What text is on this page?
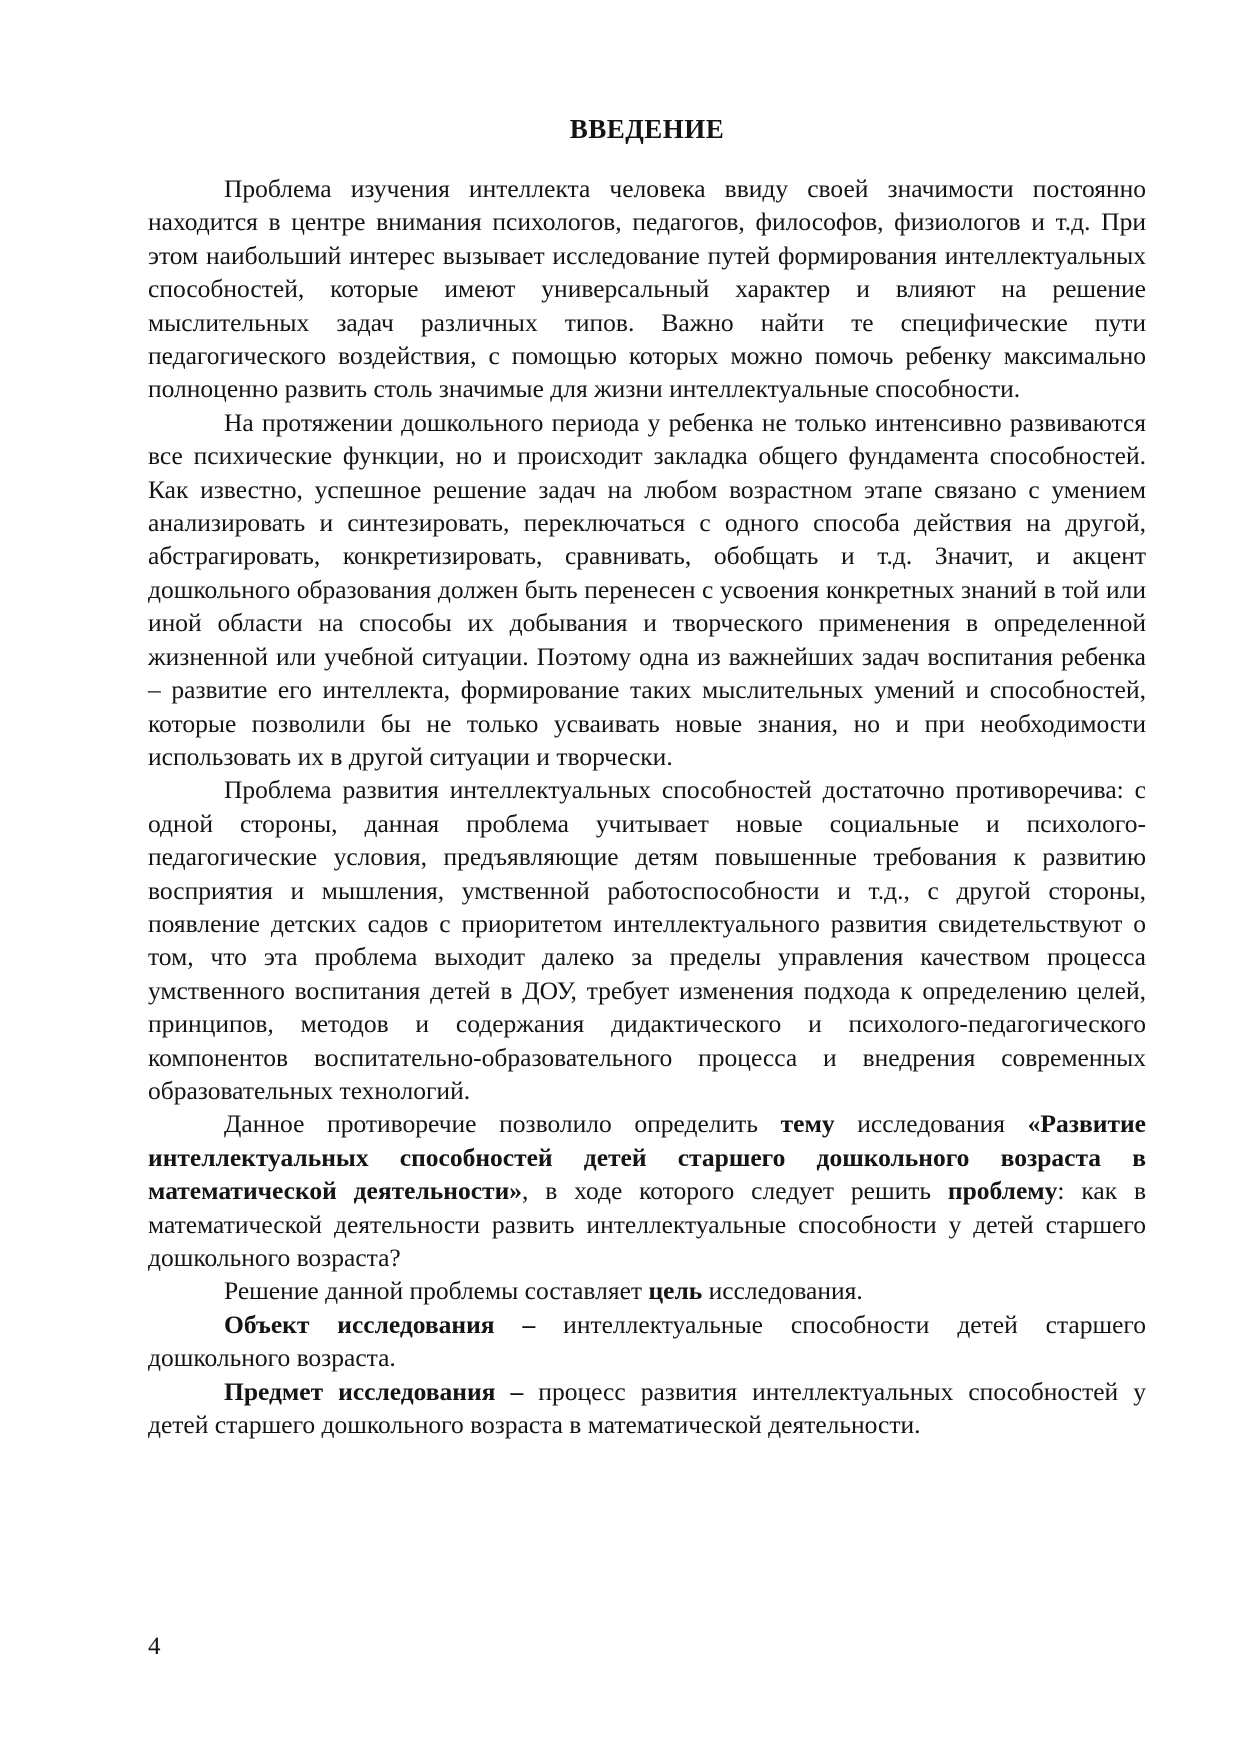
ВВЕДЕНИЕ

Проблема изучения интеллекта человека ввиду своей значимости постоянно находится в центре внимания психологов, педагогов, философов, физиологов и т.д. При этом наибольший интерес вызывает исследование путей формирования интеллектуальных способностей, которые имеют универсальный характер и влияют на решение мыслительных задач различных типов. Важно найти те специфические пути педагогического воздействия, с помощью которых можно помочь ребенку максимально полноценно развить столь значимые для жизни интеллектуальные способности.

На протяжении дошкольного периода у ребенка не только интенсивно развиваются все психические функции, но и происходит закладка общего фундамента способностей. Как известно, успешное решение задач на любом возрастном этапе связано с умением анализировать и синтезировать, переключаться с одного способа действия на другой, абстрагировать, конкретизировать, сравнивать, обобщать и т.д. Значит, и акцент дошкольного образования должен быть перенесен с усвоения конкретных знаний в той или иной области на способы их добывания и творческого применения в определенной жизненной или учебной ситуации. Поэтому одна из важнейших задач воспитания ребенка – развитие его интеллекта, формирование таких мыслительных умений и способностей, которые позволили бы не только усваивать новые знания, но и при необходимости использовать их в другой ситуации и творчески.

Проблема развития интеллектуальных способностей достаточно противоречива: с одной стороны, данная проблема учитывает новые социальные и психолого-педагогические условия, предъявляющие детям повышенные требования к развитию восприятия и мышления, умственной работоспособности и т.д., с другой стороны, появление детских садов с приоритетом интеллектуального развития свидетельствуют о том, что эта проблема выходит далеко за пределы управления качеством процесса умственного воспитания детей в ДОУ, требует изменения подхода к определению целей, принципов, методов и содержания дидактического и психолого-педагогического компонентов воспитательно-образовательного процесса и внедрения современных образовательных технологий.

Данное противоречие позволило определить тему исследования «Развитие интеллектуальных способностей детей старшего дошкольного возраста в математической деятельности», в ходе которого следует решить проблему: как в математической деятельности развить интеллектуальные способности у детей старшего дошкольного возраста?

Решение данной проблемы составляет цель исследования.

Объект исследования – интеллектуальные способности детей старшего дошкольного возраста.

Предмет исследования – процесс развития интеллектуальных способностей у детей старшего дошкольного возраста в математической деятельности.

4
